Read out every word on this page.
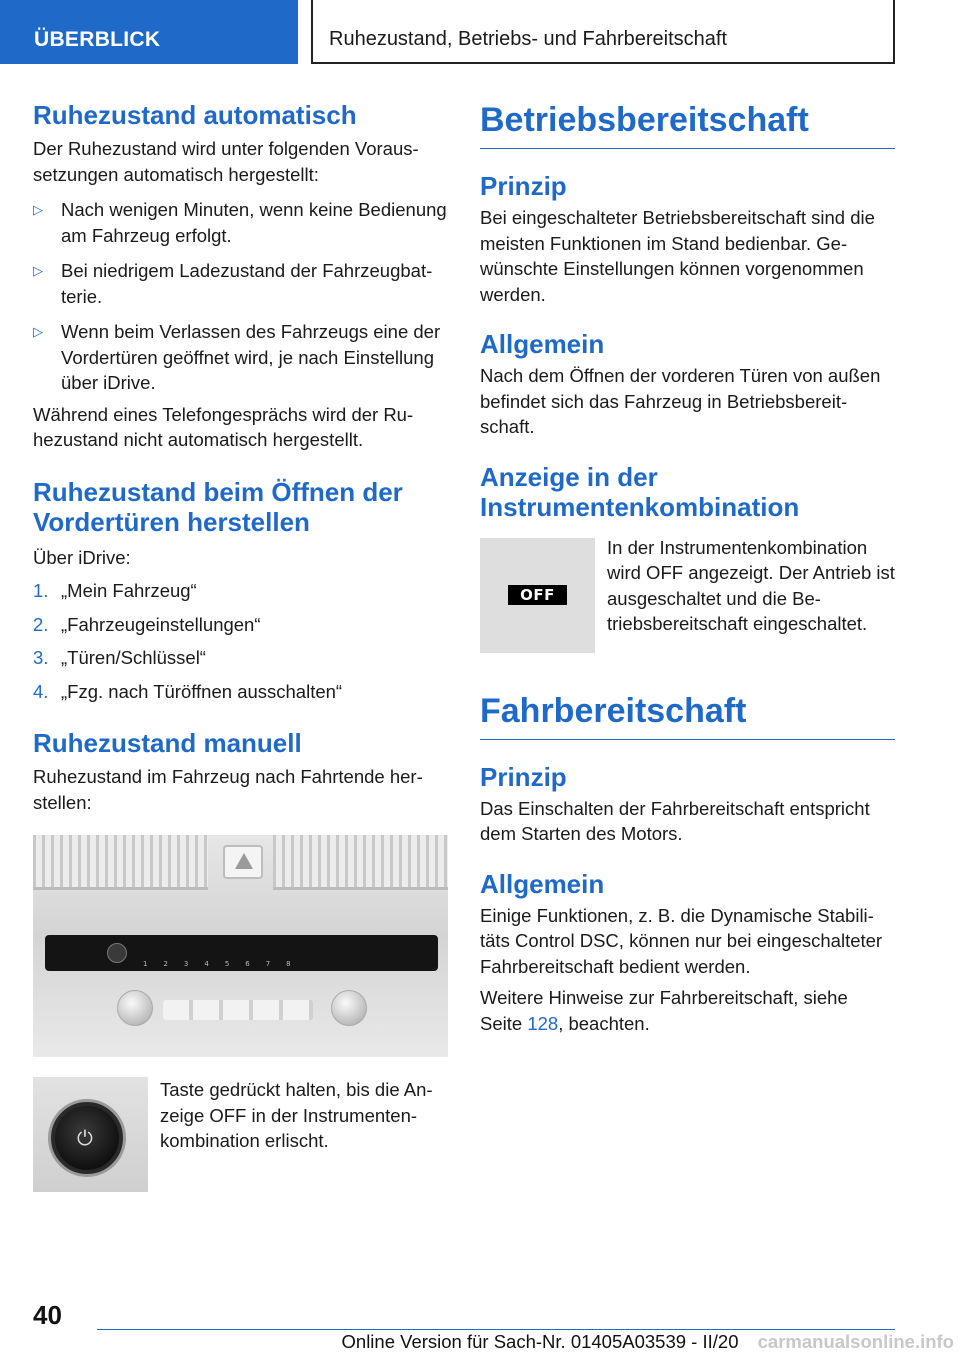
ÜBERBLICK	Ruhezustand, Betriebs- und Fahrbereitschaft
Ruhezustand automatisch

Der Ruhezustand wird unter folgenden Voraussetzungen automatisch hergestellt:

▷ Nach wenigen Minuten, wenn keine Bedienung am Fahrzeug erfolgt.
▷ Bei niedrigem Ladezustand der Fahrzeugbatterie.
▷ Wenn beim Verlassen des Fahrzeugs eine der Vordertüren geöffnet wird, je nach Einstellung über iDrive.

Während eines Telefongesprächs wird der Ruhezustand nicht automatisch hergestellt.

Ruhezustand beim Öffnen der Vordertüren herstellen

Über iDrive:

1. „Mein Fahrzeug“
2. „Fahrzeugeinstellungen“
3. „Türen/Schlüssel“
4. „Fzg. nach Türöffnen ausschalten“
Ruhezustand manuell

Ruhezustand im Fahrzeug nach Fahrtende herstellen:

12345678
⏻

Taste gedrückt halten, bis die Anzeige OFF in der Instrumentenkombination erlischt.

Betriebsbereitschaft
Prinzip

Bei eingeschalteter Betriebsbereitschaft sind die meisten Funktionen im Stand bedienbar. Gewünschte Einstellungen können vorgenommen werden.

Allgemein

Nach dem Öffnen der vorderen Türen von außen befindet sich das Fahrzeug in Betriebsbereitschaft.

Anzeige in der Instrumentenkombination
OFF

In der Instrumentenkombination wird OFF angezeigt. Der Antrieb ist ausgeschaltet und die Betriebsbereitschaft eingeschaltet.

Fahrbereitschaft
Prinzip

Das Einschalten der Fahrbereitschaft entspricht dem Starten des Motors.

Allgemein

Einige Funktionen, z. B. die Dynamische Stabilitäts Control DSC, können nur bei eingeschalteter Fahrbereitschaft bedient werden.

Weitere Hinweise zur Fahrbereitschaft, siehe Seite 128, beachten.

40
Online Version für Sach-Nr. 01405A03539 - II/20	carmanualsonline.info
